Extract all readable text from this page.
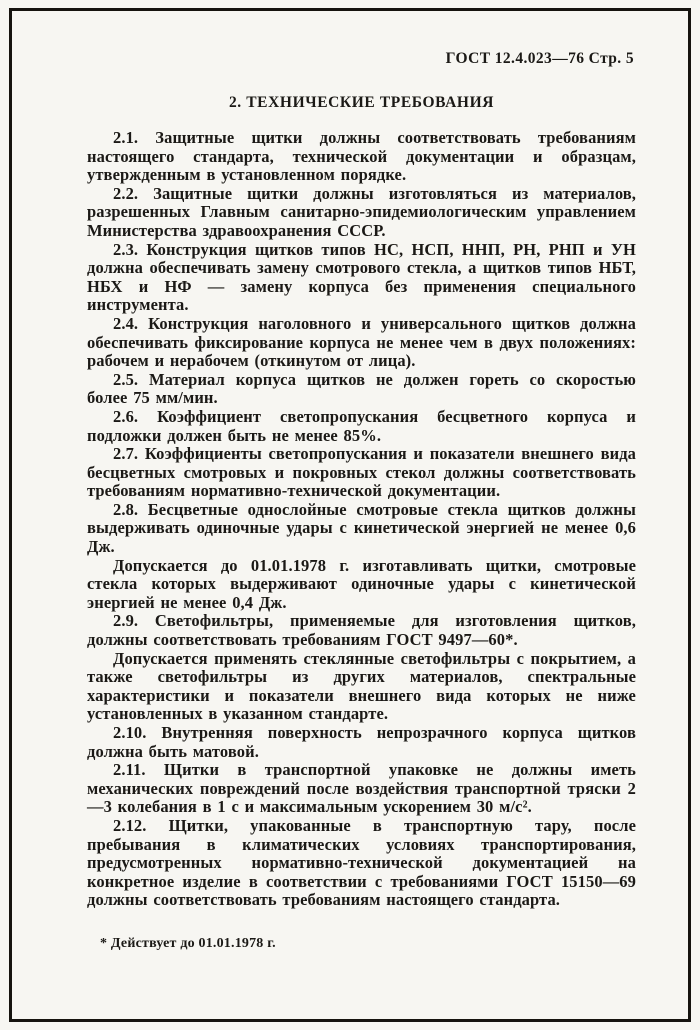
ГОСТ 12.4.023—76 Стр. 5
2. ТЕХНИЧЕСКИЕ ТРЕБОВАНИЯ

2.1. Защитные щитки должны соответствовать требованиям настоящего стандарта, технической документации и образцам, утвержденным в установленном порядке.

2.2. Защитные щитки должны изготовляться из материалов, разрешенных Главным санитарно-эпидемиологическим управлением Министерства здравоохранения СССР.

2.3. Конструкция щитков типов НС, НСП, ННП, РН, РНП и УН должна обеспечивать замену смотрового стекла, а щитков типов НБТ, НБХ и НФ — замену корпуса без применения специального инструмента.

2.4. Конструкция наголовного и универсального щитков должна обеспечивать фиксирование корпуса не менее чем в двух положениях: рабочем и нерабочем (откинутом от лица).

2.5. Материал корпуса щитков не должен гореть со скоростью более 75 мм/мин.

2.6. Коэффициент светопропускания бесцветного корпуса и подложки должен быть не менее 85%.

2.7. Коэффициенты светопропускания и показатели внешнего вида бесцветных смотровых и покровных стекол должны соответствовать требованиям нормативно-технической документации.

2.8. Бесцветные однослойные смотровые стекла щитков должны выдерживать одиночные удары с кинетической энергией не менее 0,6 Дж.

Допускается до 01.01.1978 г. изготавливать щитки, смотровые стекла которых выдерживают одиночные удары с кинетической энергией не менее 0,4 Дж.

2.9. Светофильтры, применяемые для изготовления щитков, должны соответствовать требованиям ГОСТ 9497—60*.

Допускается применять стеклянные светофильтры с покрытием, а также светофильтры из других материалов, спектральные характеристики и показатели внешнего вида которых не ниже установленных в указанном стандарте.

2.10. Внутренняя поверхность непрозрачного корпуса щитков должна быть матовой.

2.11. Щитки в транспортной упаковке не должны иметь механических повреждений после воздействия транспортной тряски 2—3 колебания в 1 с и максимальным ускорением 30 м/с².

2.12. Щитки, упакованные в транспортную тару, после пребывания в климатических условиях транспортирования, предусмотренных нормативно-технической документацией на конкретное изделие в соответствии с требованиями ГОСТ 15150—69 должны соответствовать требованиям настоящего стандарта.

* Действует до 01.01.1978 г.
